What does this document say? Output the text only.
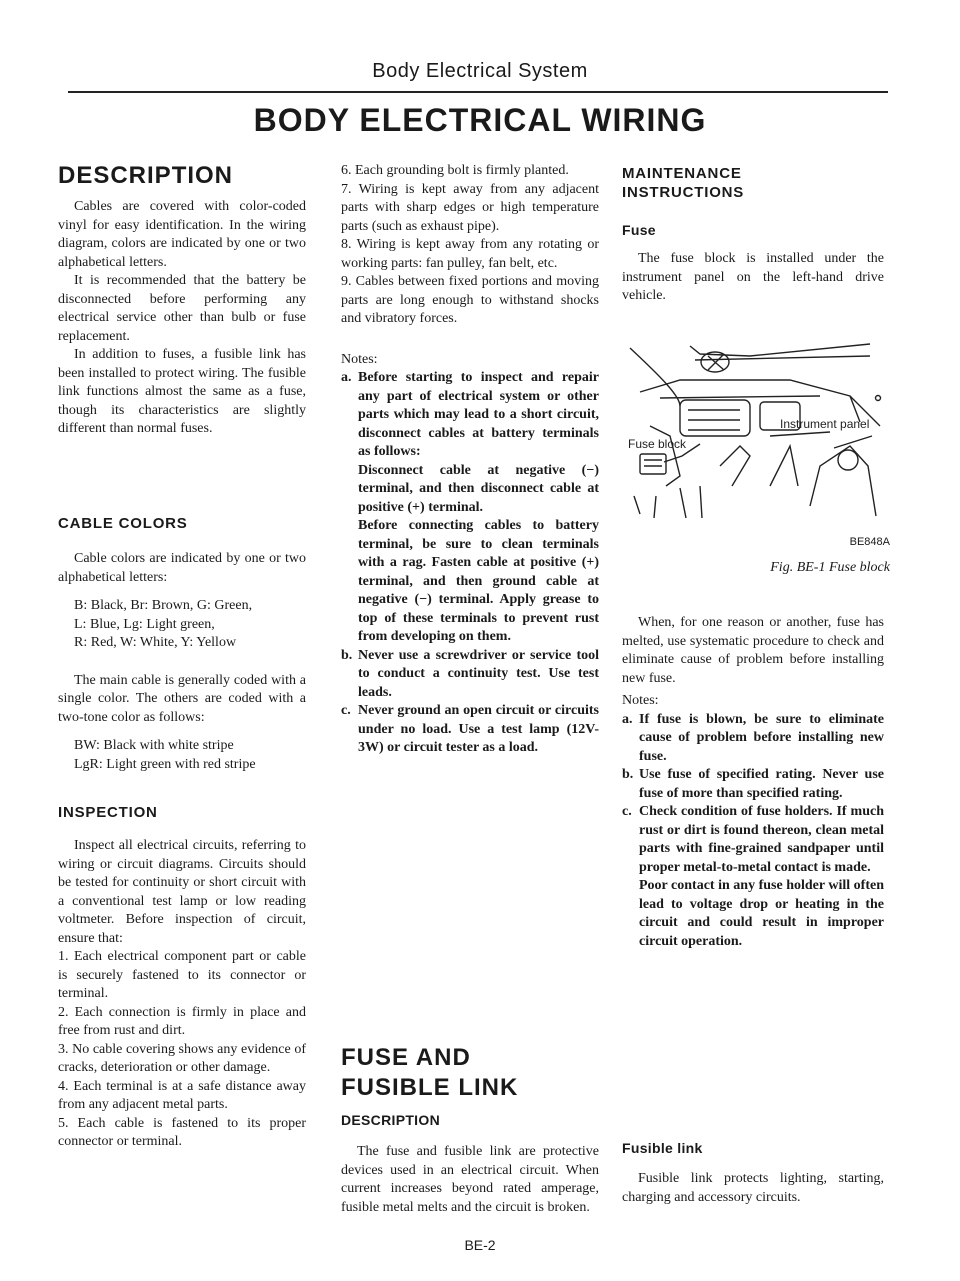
Body Electrical System
BODY ELECTRICAL WIRING
DESCRIPTION
Cables are covered with color-coded vinyl for easy identification. In the wiring diagram, colors are indicated by one or two alphabetical letters.
It is recommended that the battery be disconnected before performing any electrical service other than bulb or fuse replacement.
In addition to fuses, a fusible link has been installed to protect wiring. The fusible link functions almost the same as a fuse, though its characteristics are slightly different than normal fuses.
CABLE COLORS
Cable colors are indicated by one or two alphabetical letters:
B: Black, Br: Brown, G: Green,
L: Blue, Lg: Light green,
R: Red, W: White, Y: Yellow
The main cable is generally coded with a single color. The others are coded with a two-tone color as follows:
BW: Black with white stripe
LgR: Light green with red stripe
INSPECTION
Inspect all electrical circuits, referring to wiring or circuit diagrams. Circuits should be tested for continuity or short circuit with a conventional test lamp or low reading voltmeter. Before inspection of circuit, ensure that:
1. Each electrical component part or cable is securely fastened to its connector or terminal.
2. Each connection is firmly in place and free from rust and dirt.
3. No cable covering shows any evidence of cracks, deterioration or other damage.
4. Each terminal is at a safe distance away from any adjacent metal parts.
5. Each cable is fastened to its proper connector or terminal.
6. Each grounding bolt is firmly planted.
7. Wiring is kept away from any adjacent parts with sharp edges or high temperature parts (such as exhaust pipe).
8. Wiring is kept away from any rotating or working parts: fan pulley, fan belt, etc.
9. Cables between fixed portions and moving parts are long enough to withstand shocks and vibratory forces.
Notes:
a. Before starting to inspect and repair any part of electrical system or other parts which may lead to a short circuit, disconnect cables at battery terminals as follows:
Disconnect cable at negative (−) terminal, and then disconnect cable at positive (+) terminal.
Before connecting cables to battery terminal, be sure to clean terminals with a rag. Fasten cable at positive (+) terminal, and then ground cable at negative (−) terminal. Apply grease to top of these terminals to prevent rust from developing on them.
b. Never use a screwdriver or service tool to conduct a continuity test. Use test leads.
c. Never ground an open circuit or circuits under no load. Use a test lamp (12V-3W) or circuit tester as a load.
FUSE AND
FUSIBLE LINK
DESCRIPTION
The fuse and fusible link are protective devices used in an electrical circuit. When current increases beyond rated amperage, fusible metal melts and the circuit is broken.
MAINTENANCE
INSTRUCTIONS
Fuse
The fuse block is installed under the instrument panel on the left-hand drive vehicle.
Instrument panel
Fuse block
BE848A
Fig. BE-1 Fuse block
When, for one reason or another, fuse has melted, use systematic procedure to check and eliminate cause of problem before installing new fuse.
Notes:
a. If fuse is blown, be sure to eliminate cause of problem before installing new fuse.
b. Use fuse of specified rating. Never use fuse of more than specified rating.
c. Check condition of fuse holders. If much rust or dirt is found thereon, clean metal parts with fine-grained sandpaper until proper metal-to-metal contact is made.
Poor contact in any fuse holder will often lead to voltage drop or heating in the circuit and could result in improper circuit operation.
Fusible link
Fusible link protects lighting, starting, charging and accessory circuits.
BE-2
